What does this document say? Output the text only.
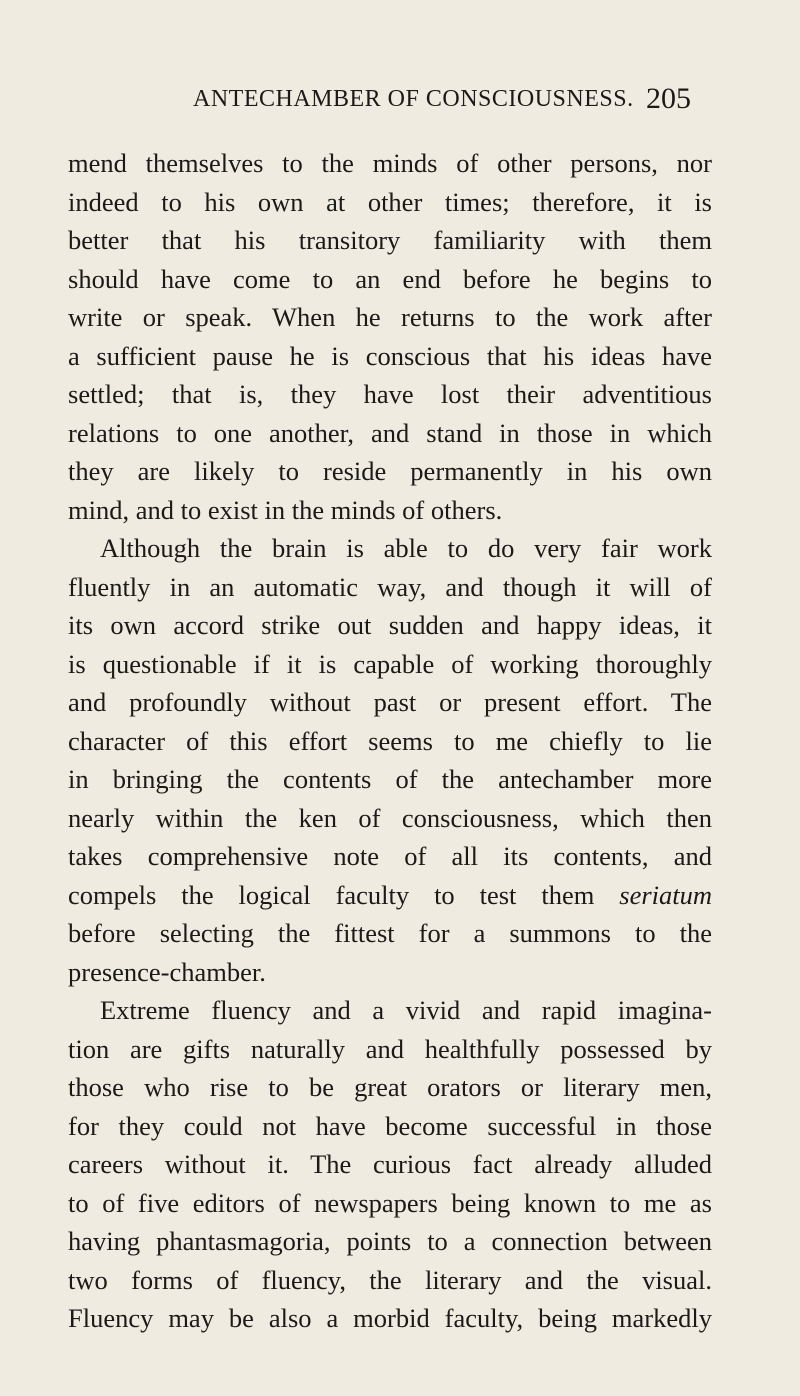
ANTECHAMBER OF CONSCIOUSNESS. 205
mend themselves to the minds of other persons, nor
indeed to his own at other times; therefore, it is
better that his transitory familiarity with them
should have come to an end before he begins to
write or speak. When he returns to the work after
a sufficient pause he is conscious that his ideas have
settled; that is, they have lost their adventitious
relations to one another, and stand in those in which
they are likely to reside permanently in his own
mind, and to exist in the minds of others.
Although the brain is able to do very fair work
fluently in an automatic way, and though it will of
its own accord strike out sudden and happy ideas, it
is questionable if it is capable of working thoroughly
and profoundly without past or present effort. The
character of this effort seems to me chiefly to lie
in bringing the contents of the antechamber more
nearly within the ken of consciousness, which then
takes comprehensive note of all its contents, and
compels the logical faculty to test them seriatum
before selecting the fittest for a summons to the
presence-chamber.
Extreme fluency and a vivid and rapid imagina-
tion are gifts naturally and healthfully possessed by
those who rise to be great orators or literary men,
for they could not have become successful in those
careers without it. The curious fact already alluded
to of five editors of newspapers being known to me as
having phantasmagoria, points to a connection between
two forms of fluency, the literary and the visual.
Fluency may be also a morbid faculty, being markedly
